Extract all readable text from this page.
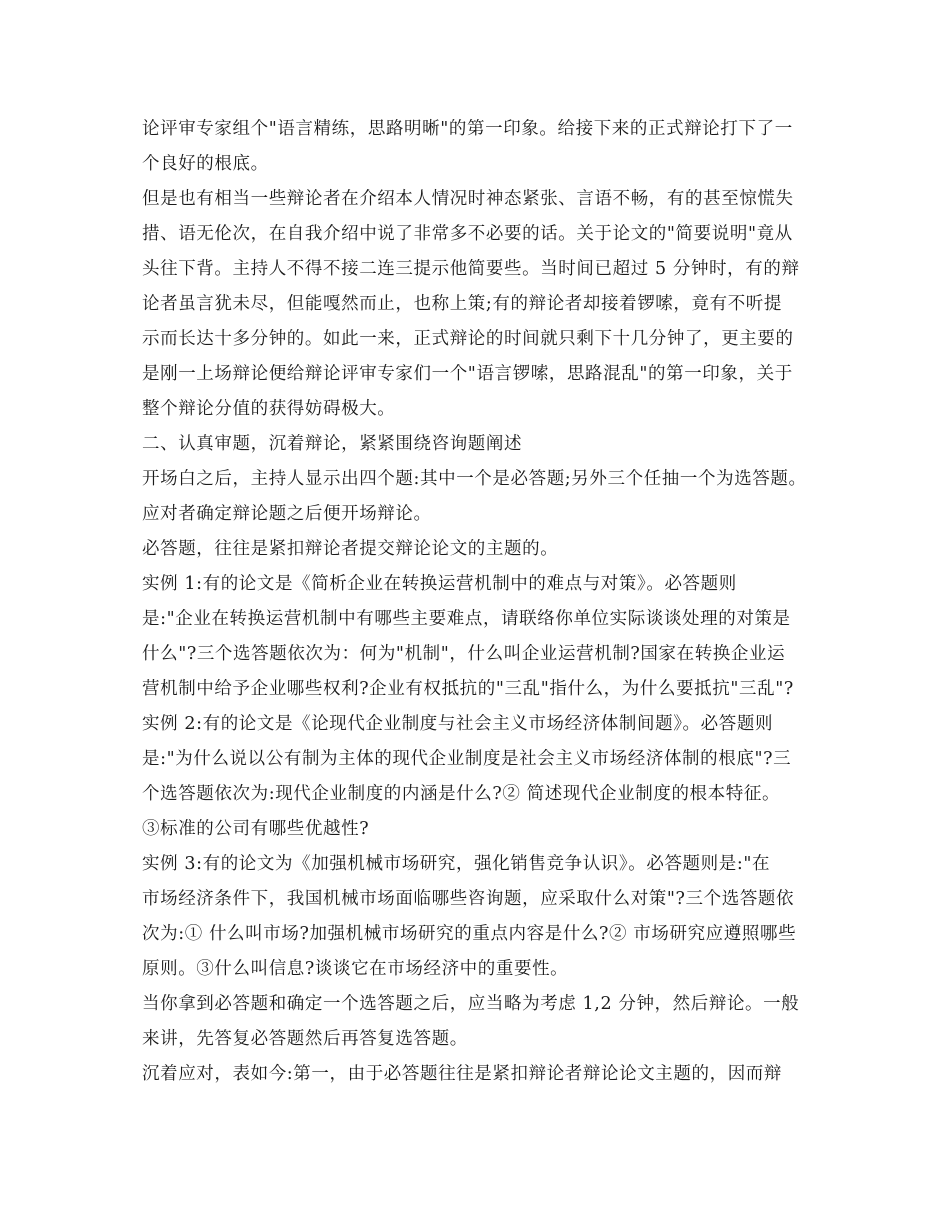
论评审专家组个"语言精练，思路明晰"的第一印象。给接下来的正式辩论打下了一
个良好的根底。
但是也有相当一些辩论者在介绍本人情况时神态紧张、言语不畅，有的甚至惊慌失
措、语无伦次，在自我介绍中说了非常多不必要的话。关于论文的"简要说明"竟从
头往下背。主持人不得不接二连三提示他简要些。当时间已超过 5 分钟时，有的辩
论者虽言犹未尽，但能嘎然而止，也称上策;有的辩论者却接着锣嗦，竟有不听提
示而长达十多分钟的。如此一来，正式辩论的时间就只剩下十几分钟了，更主要的
是刚一上场辩论便给辩论评审专家们一个"语言锣嗦，思路混乱"的第一印象，关于
整个辩论分值的获得妨碍极大。
二、认真审题，沉着辩论，紧紧围绕咨询题阐述
开场白之后，主持人显示出四个题:其中一个是必答题;另外三个任抽一个为选答题。
应对者确定辩论题之后便开场辩论。
必答题，往往是紧扣辩论者提交辩论论文的主题的。
实例 1:有的论文是《简析企业在转换运营机制中的难点与对策》。必答题则
是:"企业在转换运营机制中有哪些主要难点，请联络你单位实际谈谈处理的对策是
什么"?三个选答题依次为：何为"机制"，什么叫企业运营机制?国家在转换企业运
营机制中给予企业哪些权利?企业有权抵抗的"三乱"指什么，为什么要抵抗"三乱"?
实例 2:有的论文是《论现代企业制度与社会主义市场经济体制间题》。必答题则
是:"为什么说以公有制为主体的现代企业制度是社会主义市场经济体制的根底"?三
个选答题依次为:现代企业制度的内涵是什么?② 简述现代企业制度的根本特征。
③标准的公司有哪些优越性?
实例 3:有的论文为《加强机械市场研究，强化销售竞争认识》。必答题则是:"在
市场经济条件下，我国机械市场面临哪些咨询题，应采取什么对策"?三个选答题依
次为:① 什么叫市场?加强机械市场研究的重点内容是什么?② 市场研究应遵照哪些
原则。③什么叫信息?谈谈它在市场经济中的重要性。
当你拿到必答题和确定一个选答题之后，应当略为考虑 1,2 分钟，然后辩论。一般
来讲，先答复必答题然后再答复选答题。
沉着应对，表如今:第一，由于必答题往往是紧扣辩论者辩论论文主题的，因而辩
